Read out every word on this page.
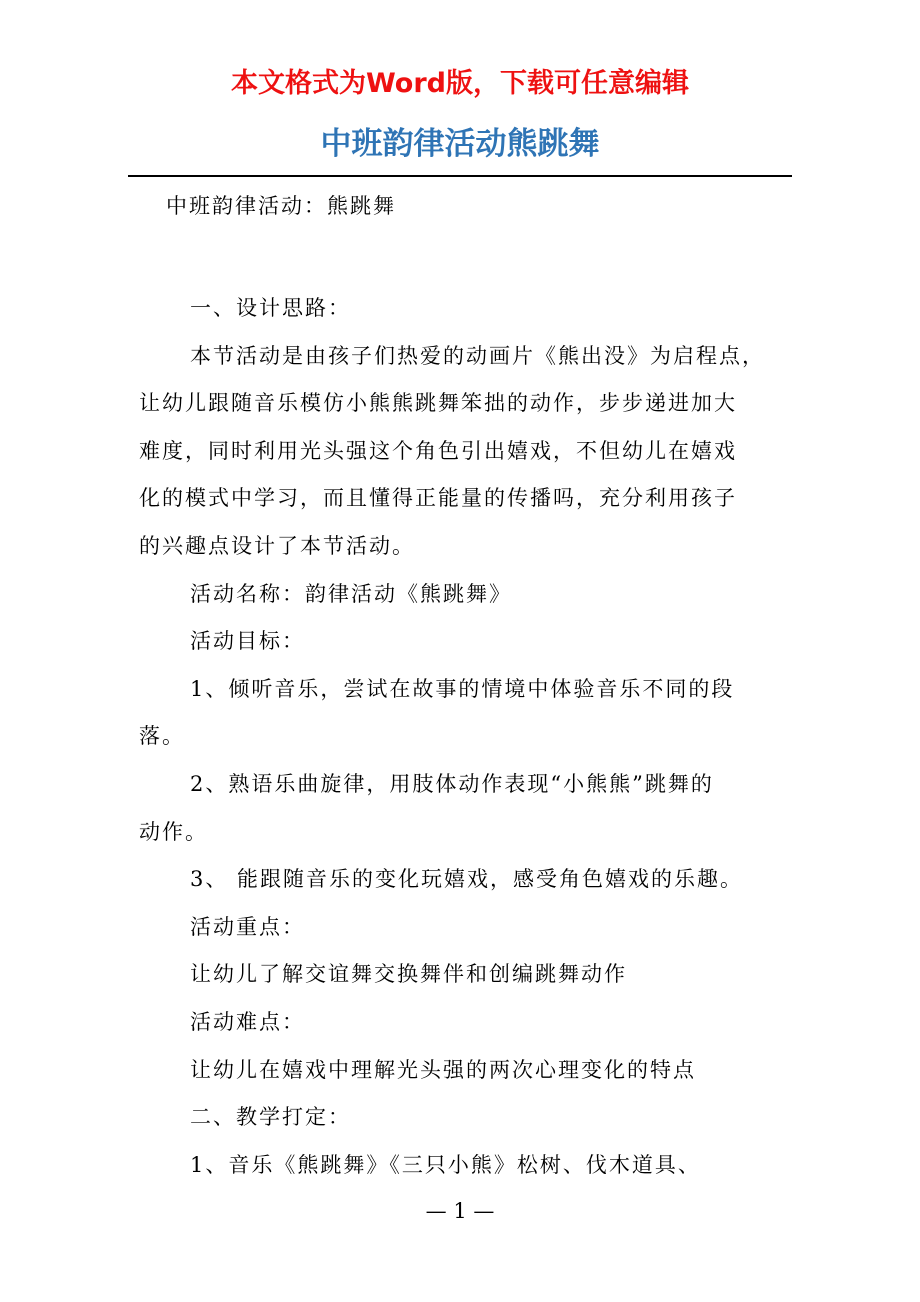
本文格式为Word版，下载可任意编辑

中班韵律活动熊跳舞

中班韵律活动：熊跳舞

一、设计思路：

本节活动是由孩子们热爱的动画片《熊出没》为启程点，

让幼儿跟随音乐模仿小熊熊跳舞笨拙的动作，步步递进加大

难度，同时利用光头强这个角色引出嬉戏，不但幼儿在嬉戏

化的模式中学习，而且懂得正能量的传播吗，充分利用孩子

的兴趣点设计了本节活动。

活动名称：韵律活动《熊跳舞》

活动目标：

1、倾听音乐，尝试在故事的情境中体验音乐不同的段

落。

2、熟语乐曲旋律，用肢体动作表现“小熊熊”跳舞的

动作。

3、 能跟随音乐的变化玩嬉戏，感受角色嬉戏的乐趣。

活动重点：

让幼儿了解交谊舞交换舞伴和创编跳舞动作

活动难点：

让幼儿在嬉戏中理解光头强的两次心理变化的特点

二、教学打定：

1、音乐《熊跳舞》《三只小熊》松树、伐木道具、

— 1 —
